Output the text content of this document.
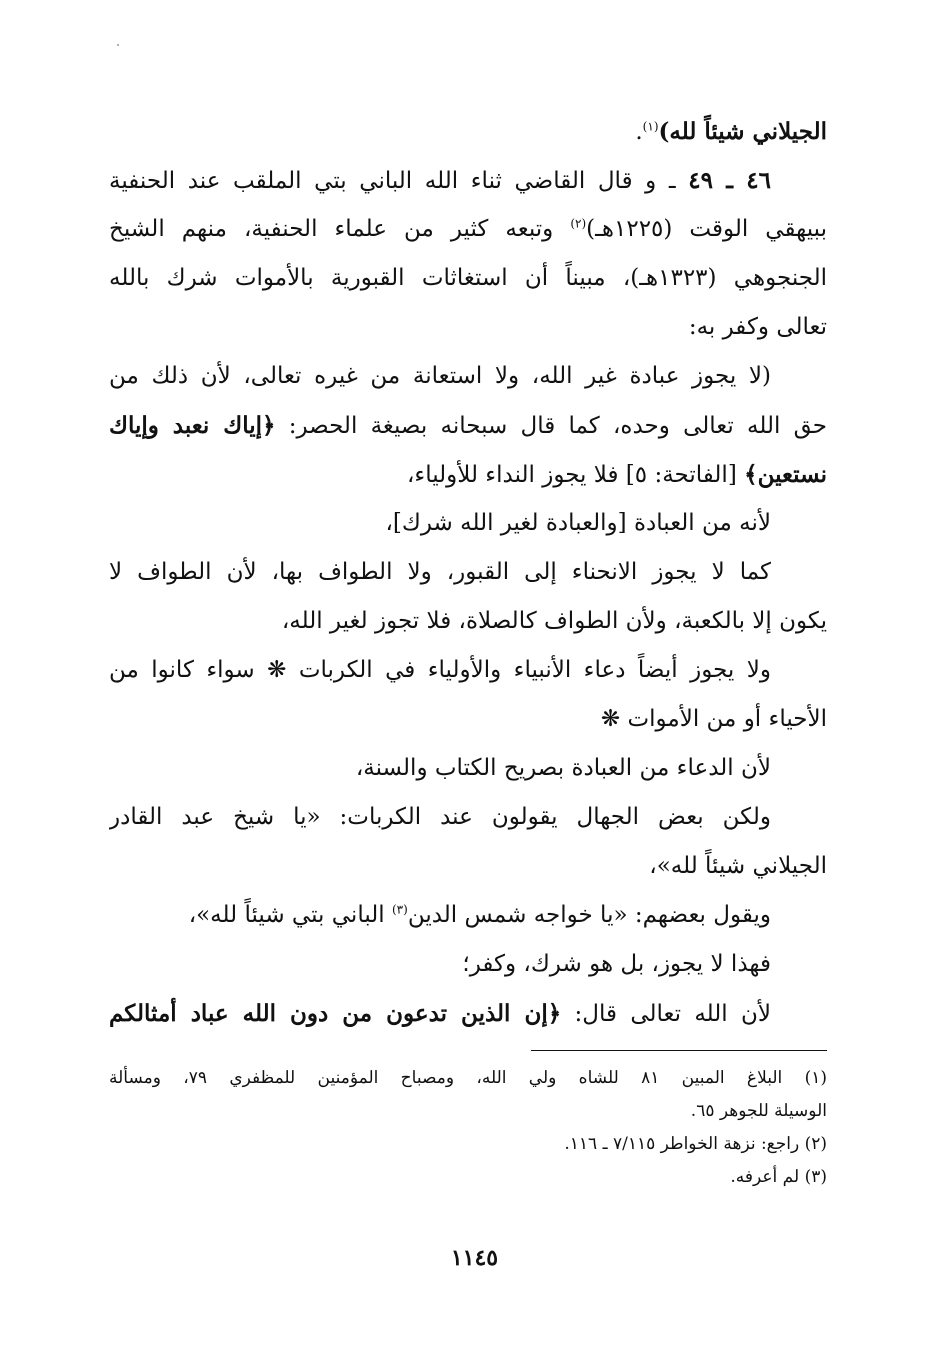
الجيلاني شيئاً لله)$^{(١)}$.
٤٦ ـ ٤٩ ـ و قال القاضي ثناء الله الباني بتي الملقب عند الحنفية
ببيهقي الوقت (١٢٢٥هـ)$^{(٢)}$ وتبعه كثير من علماء الحنفية، منهم الشيخ
الجنجوهي (١٣٢٣هـ)، مبيناً أن استغاثات القبورية بالأموات شرك بالله
تعالى وكفر به:
(لا يجوز عبادة غير الله، ولا استعانة من غيره تعالى، لأن ذلك من
حق الله تعالى وحده، كما قال سبحانه بصيغة الحصر: ﴿إياك نعبد وإياك
نستعين﴾ [الفاتحة: ٥] فلا يجوز النداء للأولياء،
لأنه من العبادة [والعبادة لغير الله شرك]،
كما لا يجوز الانحناء إلى القبور، ولا الطواف بها، لأن الطواف لا
يكون إلا بالكعبة، ولأن الطواف كالصلاة، فلا تجوز لغير الله،
ولا يجوز أيضاً دعاء الأنبياء والأولياء في الكربات ❋ سواء كانوا من
الأحياء أو من الأموات ❋
لأن الدعاء من العبادة بصريح الكتاب والسنة،
ولكن بعض الجهال يقولون عند الكربات: «يا شيخ عبد القادر
الجيلاني شيئاً لله»،
ويقول بعضهم: «يا خواجه شمس الدين$^{(٣)}$ الباني بتي شيئاً لله»،
فهذا لا يجوز، بل هو شرك، وكفر؛
لأن الله تعالى قال: ﴿إن الذين تدعون من دون الله عباد أمثالكم
(١) البلاغ المبين ٨١ للشاه ولي الله، ومصباح المؤمنين للمظفري ٧٩، ومسألة
الوسيلة للجوهر ٦٥.
(٢) راجع: نزهة الخواطر ٧/١١٥ ـ ١١٦.
(٣) لم أعرفه.
١١٤٥
